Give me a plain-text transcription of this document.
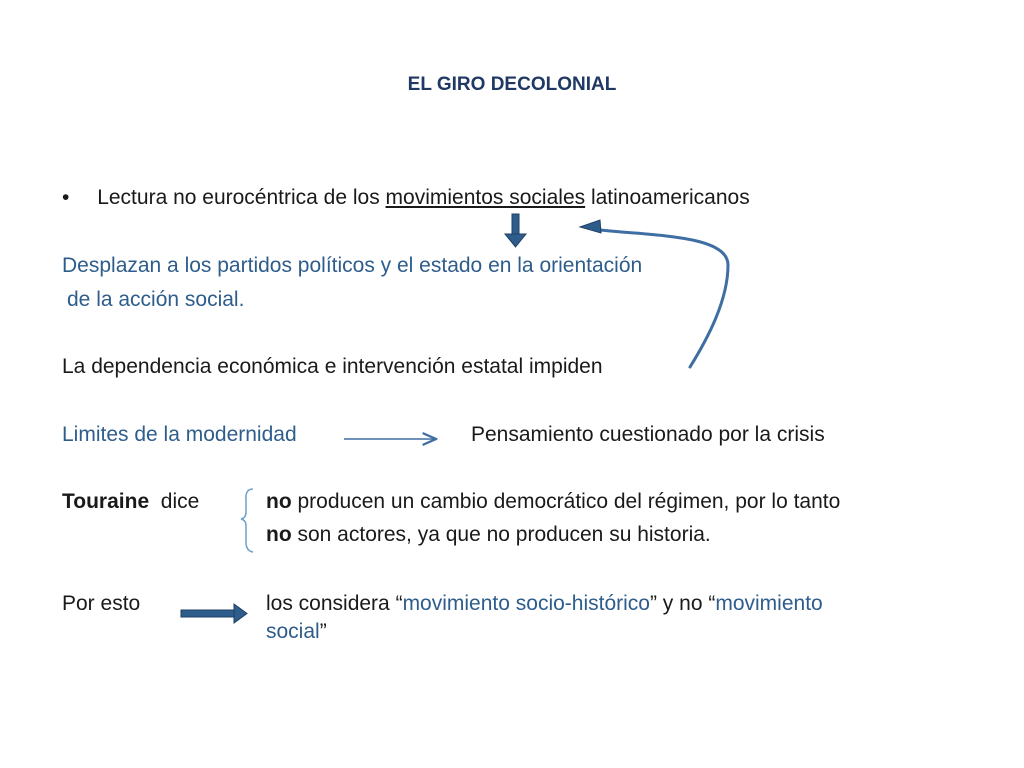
EL GIRO DECOLONIAL
• Lectura no eurocéntrica de los movimientos sociales latinoamericanos
Desplazan a los partidos políticos y el estado en la orientación
de la acción social.
La dependencia económica e intervención estatal impiden
Limites de la modernidad	Pensamiento cuestionado por la crisis
Touraine dice	no producen un cambio democrático del régimen, por lo tanto
no son actores, ya que no producen su historia.
Por esto	los considera “movimiento socio-histórico” y no “movimiento
social”
